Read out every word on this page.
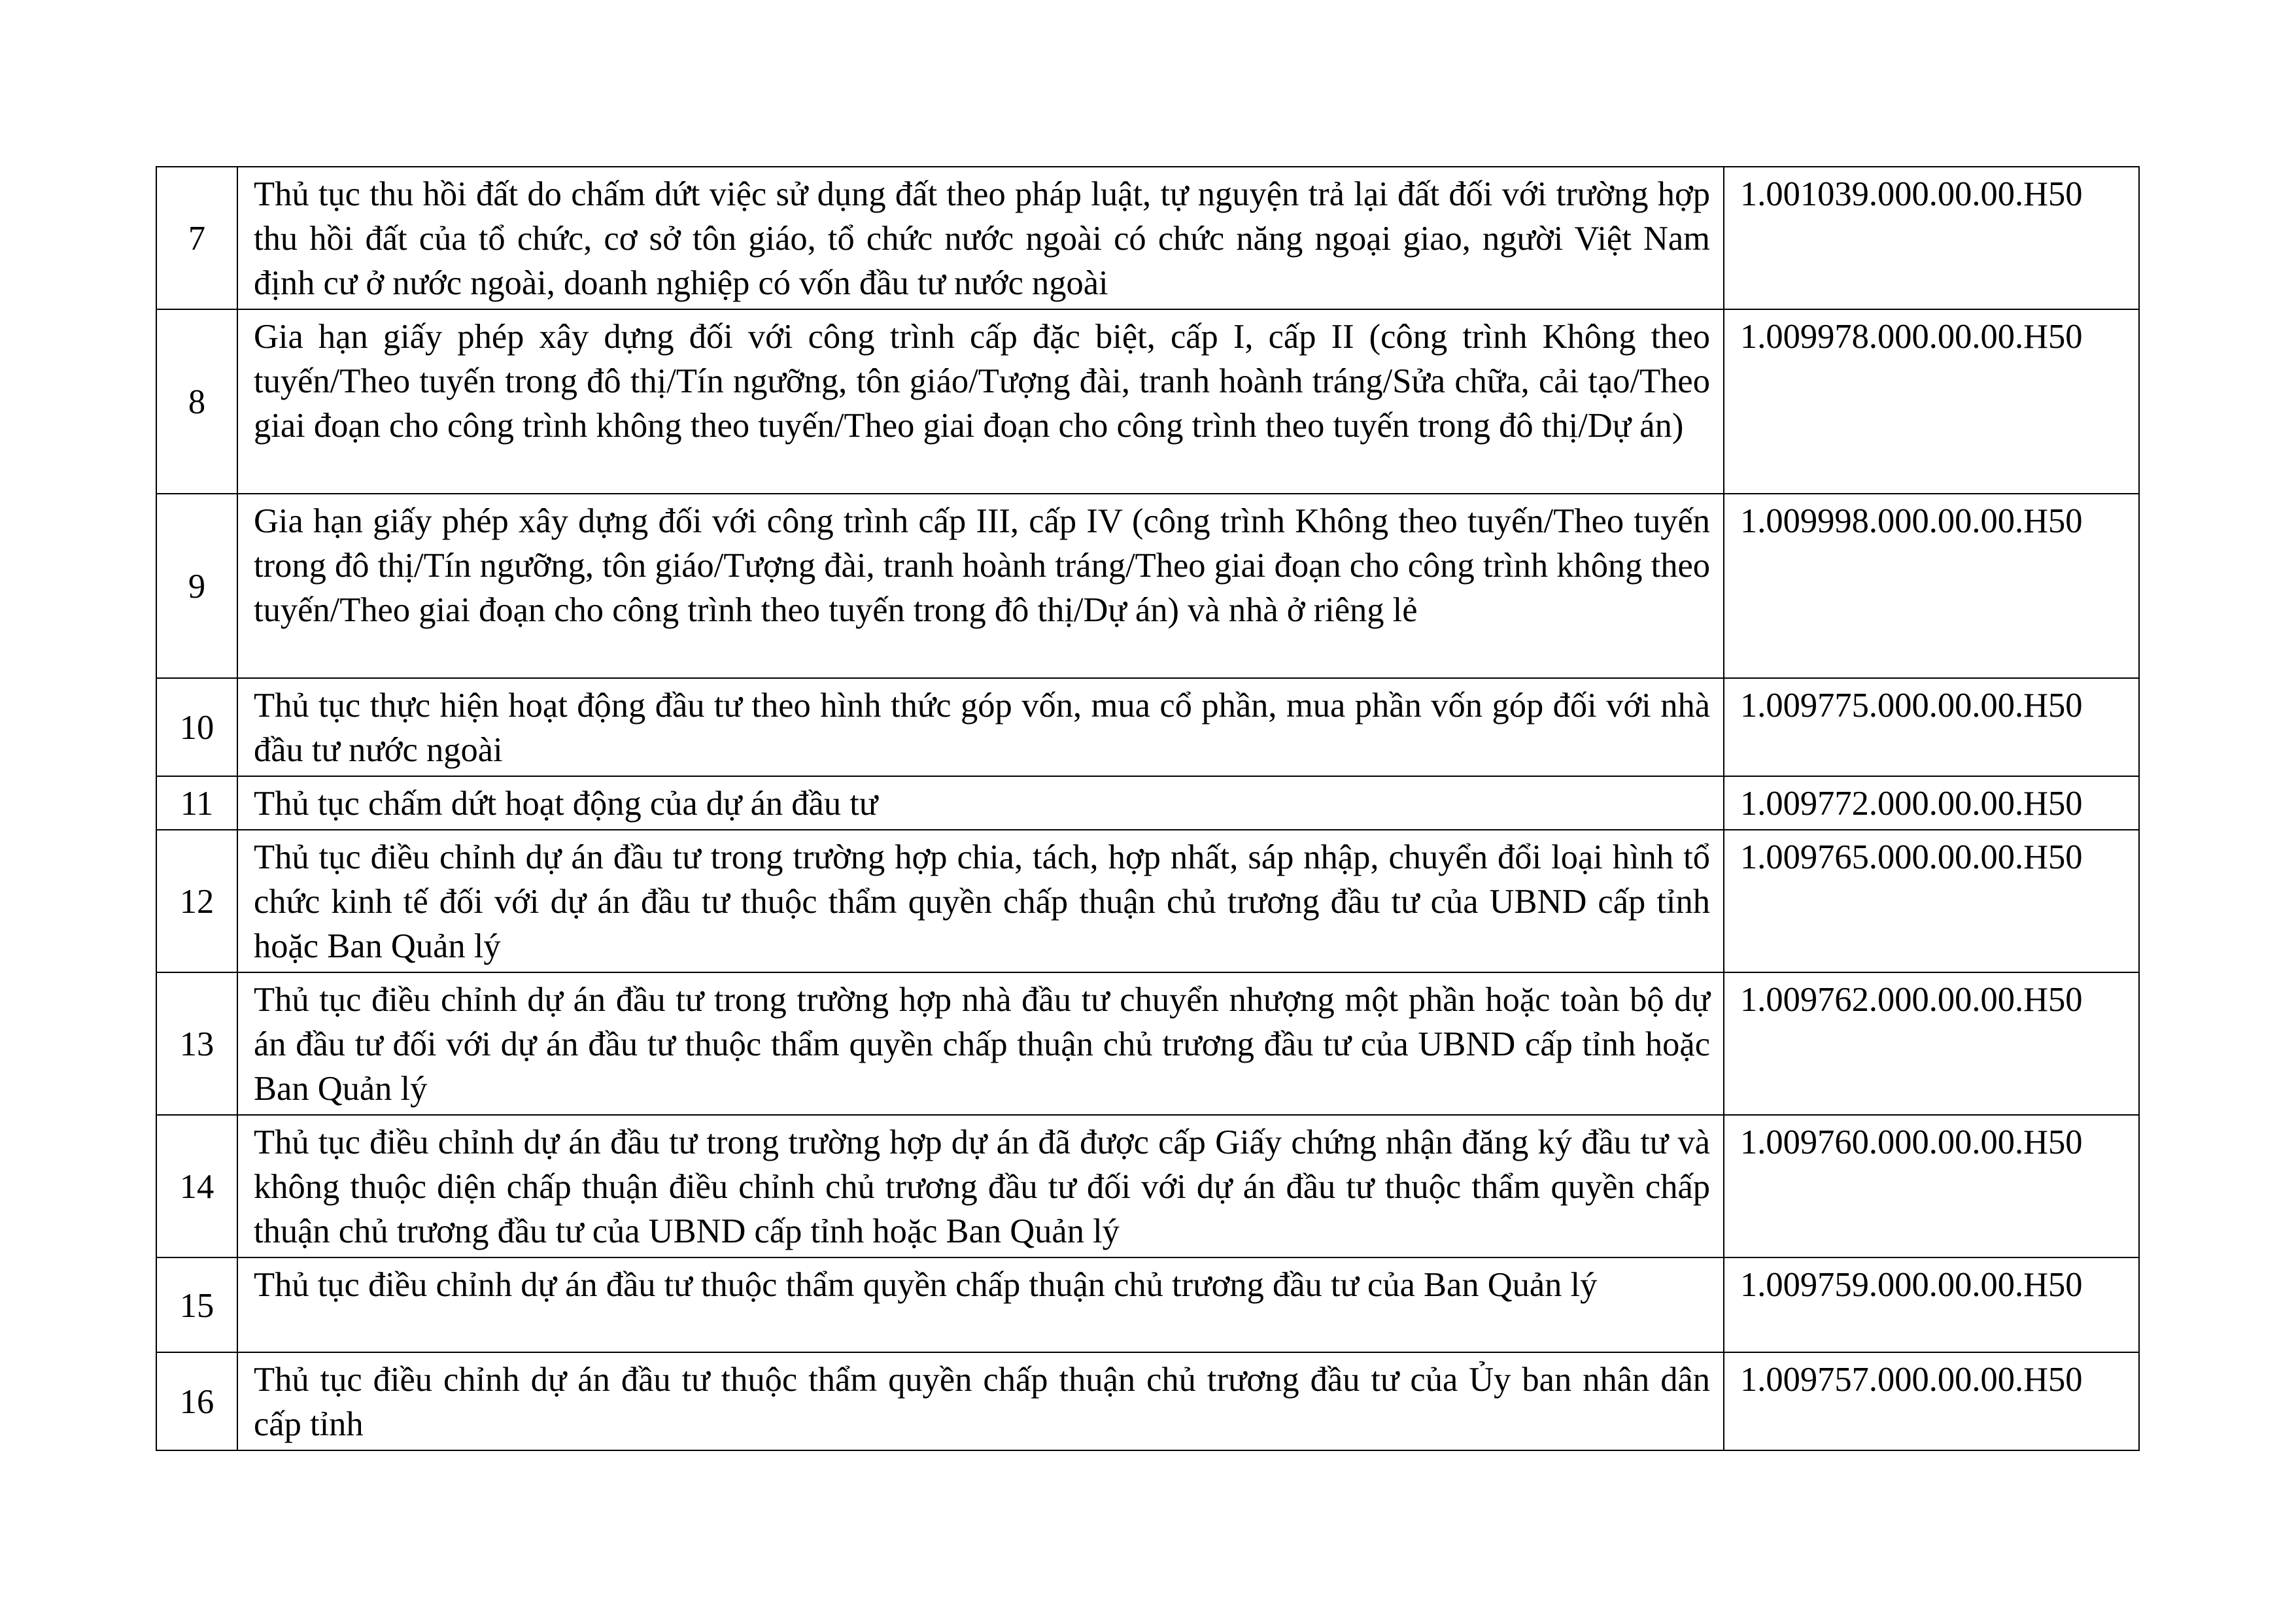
7	Thủ tục thu hồi đất do chấm dứt việc sử dụng đất theo pháp luật, tự nguyện trả lại đất đối với trường hợp thu hồi đất của tổ chức, cơ sở tôn giáo, tổ chức nước ngoài có chức năng ngoại giao, người Việt Nam định cư ở nước ngoài, doanh nghiệp có vốn đầu tư nước ngoài	1.001039.000.00.00.H50
8	Gia hạn giấy phép xây dựng đối với công trình cấp đặc biệt, cấp I, cấp II (công trình Không theo tuyến/Theo tuyến trong đô thị/Tín ngưỡng, tôn giáo/Tượng đài, tranh hoành tráng/Sửa chữa, cải tạo/Theo giai đoạn cho công trình không theo tuyến/Theo giai đoạn cho công trình theo tuyến trong đô thị/Dự án)	1.009978.000.00.00.H50
9	Gia hạn giấy phép xây dựng đối với công trình cấp III, cấp IV (công trình Không theo tuyến/Theo tuyến trong đô thị/Tín ngưỡng, tôn giáo/Tượng đài, tranh hoành tráng/Theo giai đoạn cho công trình không theo tuyến/Theo giai đoạn cho công trình theo tuyến trong đô thị/Dự án) và nhà ở riêng lẻ	1.009998.000.00.00.H50
10	Thủ tục thực hiện hoạt động đầu tư theo hình thức góp vốn, mua cổ phần, mua phần vốn góp đối với nhà đầu tư nước ngoài	1.009775.000.00.00.H50
11	Thủ tục chấm dứt hoạt động của dự án đầu tư	1.009772.000.00.00.H50
12	Thủ tục điều chỉnh dự án đầu tư trong trường hợp chia, tách, hợp nhất, sáp nhập, chuyển đổi loại hình tổ chức kinh tế đối với dự án đầu tư thuộc thẩm quyền chấp thuận chủ trương đầu tư của UBND cấp tỉnh hoặc Ban Quản lý	1.009765.000.00.00.H50
13	Thủ tục điều chỉnh dự án đầu tư trong trường hợp nhà đầu tư chuyển nhượng một phần hoặc toàn bộ dự án đầu tư đối với dự án đầu tư thuộc thẩm quyền chấp thuận chủ trương đầu tư của UBND cấp tỉnh hoặc Ban Quản lý	1.009762.000.00.00.H50
14	Thủ tục điều chỉnh dự án đầu tư trong trường hợp dự án đã được cấp Giấy chứng nhận đăng ký đầu tư và không thuộc diện chấp thuận điều chỉnh chủ trương đầu tư đối với dự án đầu tư thuộc thẩm quyền chấp thuận chủ trương đầu tư của UBND cấp tỉnh hoặc Ban Quản lý	1.009760.000.00.00.H50
15	Thủ tục điều chỉnh dự án đầu tư thuộc thẩm quyền chấp thuận chủ trương đầu tư của Ban Quản lý	1.009759.000.00.00.H50
16	Thủ tục điều chỉnh dự án đầu tư thuộc thẩm quyền chấp thuận chủ trương đầu tư của Ủy ban nhân dân cấp tỉnh	1.009757.000.00.00.H50
